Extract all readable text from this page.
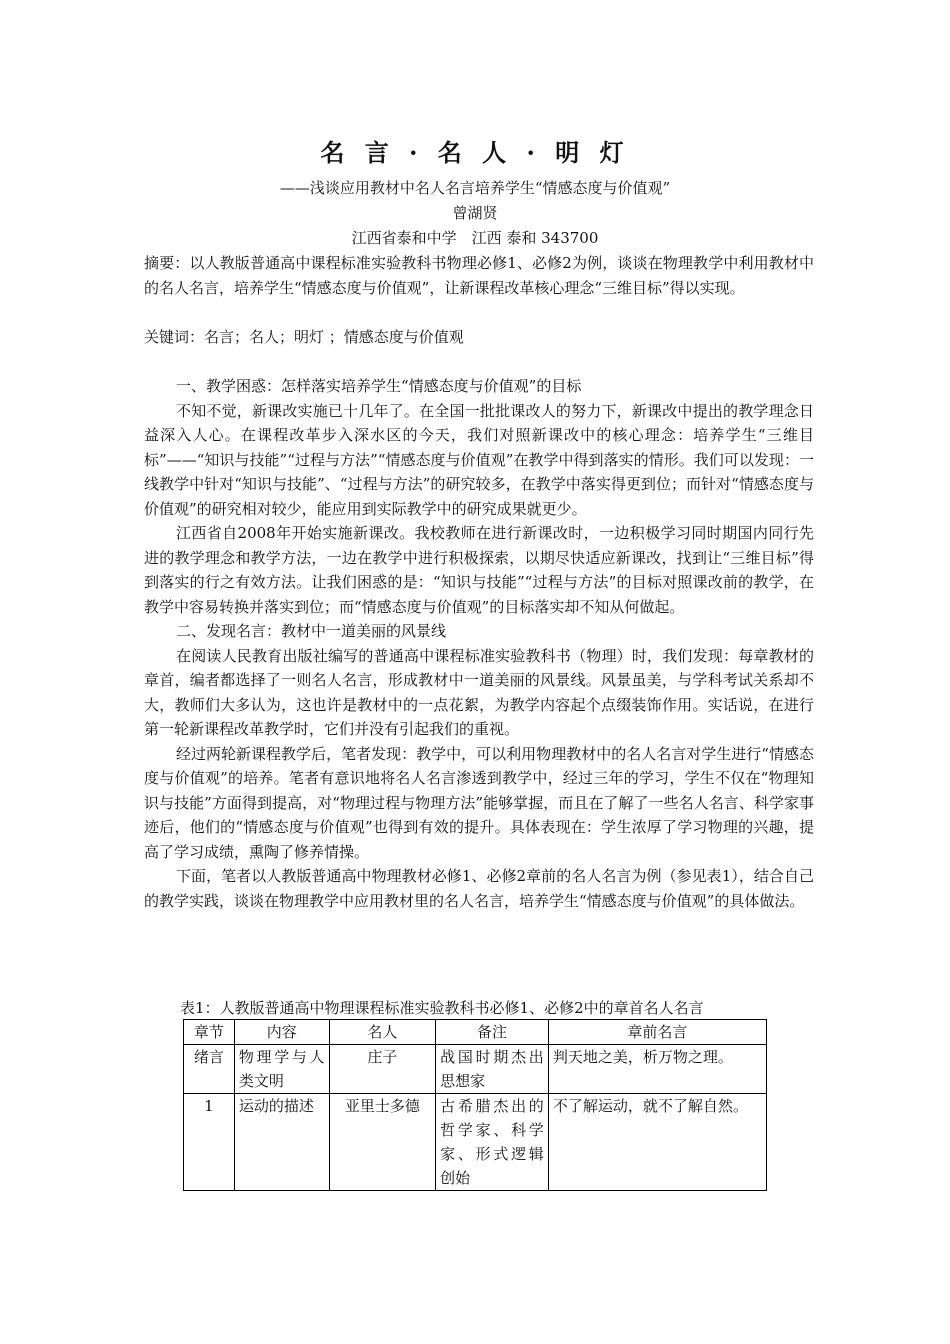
名 言 · 名 人 · 明 灯
——浅谈应用教材中名人名言培养学生“情感态度与价值观”
曾湖贤
江西省泰和中学　江西 泰和 343700

摘要：以人教版普通高中课程标准实验教科书物理必修1、必修2为例，谈谈在物理教学中利用教材中的名人名言，培养学生“情感态度与价值观”，让新课程改革核心理念“三维目标”得以实现。

关键词：名言；名人；明灯 ；情感态度与价值观

一、教学困惑：怎样落实培养学生“情感态度与价值观”的目标

不知不觉，新课改实施已十几年了。在全国一批批课改人的努力下，新课改中提出的教学理念日益深入人心。在课程改革步入深水区的今天，我们对照新课改中的核心理念：培养学生“三维目标”——“知识与技能”“过程与方法”“情感态度与价值观”在教学中得到落实的情形。我们可以发现：一线教学中针对“知识与技能”、“过程与方法”的研究较多，在教学中落实得更到位；而针对“情感态度与价值观”的研究相对较少，能应用到实际教学中的研究成果就更少。

江西省自2008年开始实施新课改。我校教师在进行新课改时，一边积极学习同时期国内同行先进的教学理念和教学方法，一边在教学中进行积极探索，以期尽快适应新课改，找到让“三维目标”得到落实的行之有效方法。让我们困惑的是：“知识与技能”“过程与方法”的目标对照课改前的教学，在教学中容易转换并落实到位；而“情感态度与价值观”的目标落实却不知从何做起。

二、发现名言：教材中一道美丽的风景线

在阅读人民教育出版社编写的普通高中课程标准实验教科书（物理）时，我们发现：每章教材的章首，编者都选择了一则名人名言，形成教材中一道美丽的风景线。风景虽美，与学科考试关系却不大，教师们大多认为，这也许是教材中的一点花絮，为教学内容起个点缀装饰作用。实话说，在进行第一轮新课程改革教学时，它们并没有引起我们的重视。

经过两轮新课程教学后，笔者发现：教学中，可以利用物理教材中的名人名言对学生进行“情感态度与价值观”的培养。笔者有意识地将名人名言渗透到教学中，经过三年的学习，学生不仅在“物理知识与技能”方面得到提高，对“物理过程与物理方法”能够掌握，而且在了解了一些名人名言、科学家事迹后，他们的“情感态度与价值观”也得到有效的提升。具体表现在：学生浓厚了学习物理的兴趣，提高了学习成绩，熏陶了修养情操。

下面，笔者以人教版普通高中物理教材必修1、必修2章前的名人名言为例（参见表1），结合自己的教学实践，谈谈在物理教学中应用教材里的名人名言，培养学生“情感态度与价值观”的具体做法。

表1：人教版普通高中物理课程标准实验教科书必修1、必修2中的章首名人名言
章节	内容	名人	备注	章前名言
绪言	物理学与人类文明	庄子	战国时期杰出思想家	判天地之美，析万物之理。
1	运动的描述	亚里士多德	古希腊杰出的哲学家、科学家、形式逻辑创始	不了解运动，就不了解自然。
